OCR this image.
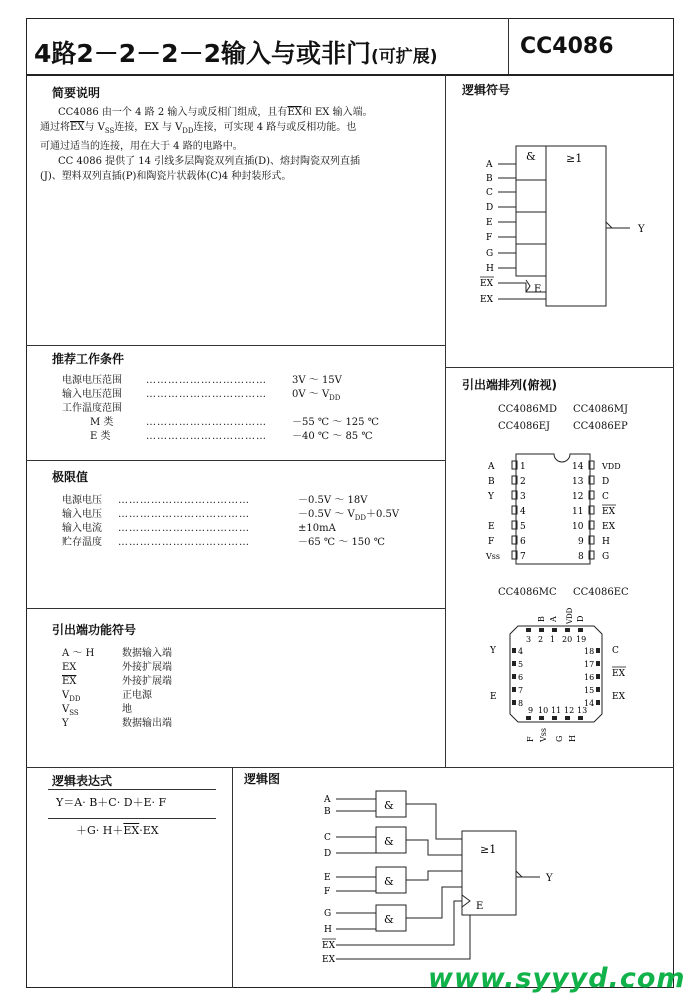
4路2－2－2－2输入与或非门(可扩展)	CC4086
简要说明
CC4086 由一个 4 路 2 输入与或反相门组成，且有$\overline{EX}$和 EX 输入端。
通过将$\overline{EX}$与 $V_{SS}$连接，EX 与 $V_{DD}$连接，可实现 4 路与或反相功能。也
可通过适当的连接，用在大于 4 路的电路中。
CC 4086 提供了 14 引线多层陶瓷双列直插(D)、熔封陶瓷双列直插
(J)、塑料双列直插(P)和陶瓷片状载体(C)4 种封装形式。
逻辑符号
&	≥1
E
Y
A
B
C
D
E
F
G
H
EX
EX
推荐工作条件
电源电压范围 ……………………………	3V ～ 15V
输入电压范围 ……………………………	0V ～ $V_{DD}$
工作温度范围
M 类	……………………………	－55 ℃ ～ 125 ℃
E 类	……………………………	－40 ℃ ～ 85 ℃
极限值
电源电压 ………………………………	－0.5V ～ 18V
输入电压 ………………………………	－0.5V ～ $V_{DD}+0.5V$
输入电流 ………………………………	±10mA
贮存温度 ………………………………	－65 ℃ ～ 150 ℃
引出端功能符号
A ～ H	数据输入端
EX	外接扩展端
$\overline{EX}$	外接扩展端
$V_{DD}$	正电源
$V_{SS}$	地
Y	数据输出端
引出端排列(俯视)
CC4086MD CC4086MJ
CC4086EJ CC4086EP
A	1
B	2
Y	3
4
E	5
F	6
Vss 7
14 VDD
13 D
12 C
11 EX
10 EX
9 H
8 G
CC4086MC CC4086EC
B A VDD D
3 2 1 20 19
Y	4
5
6
7
E
8
18 C
17
16 EX
15
14
EX
9 10 11 12 13
F Vss G H
逻辑表达式
Y＝A· B＋C· D＋E· F
$+G\cdot H+\overline{EX}\cdot EX$
逻辑图
&
&
&
&
≥1
E
Y
A
B
C
D
E
F
G
H
EX
EX
www.syyyd.com
